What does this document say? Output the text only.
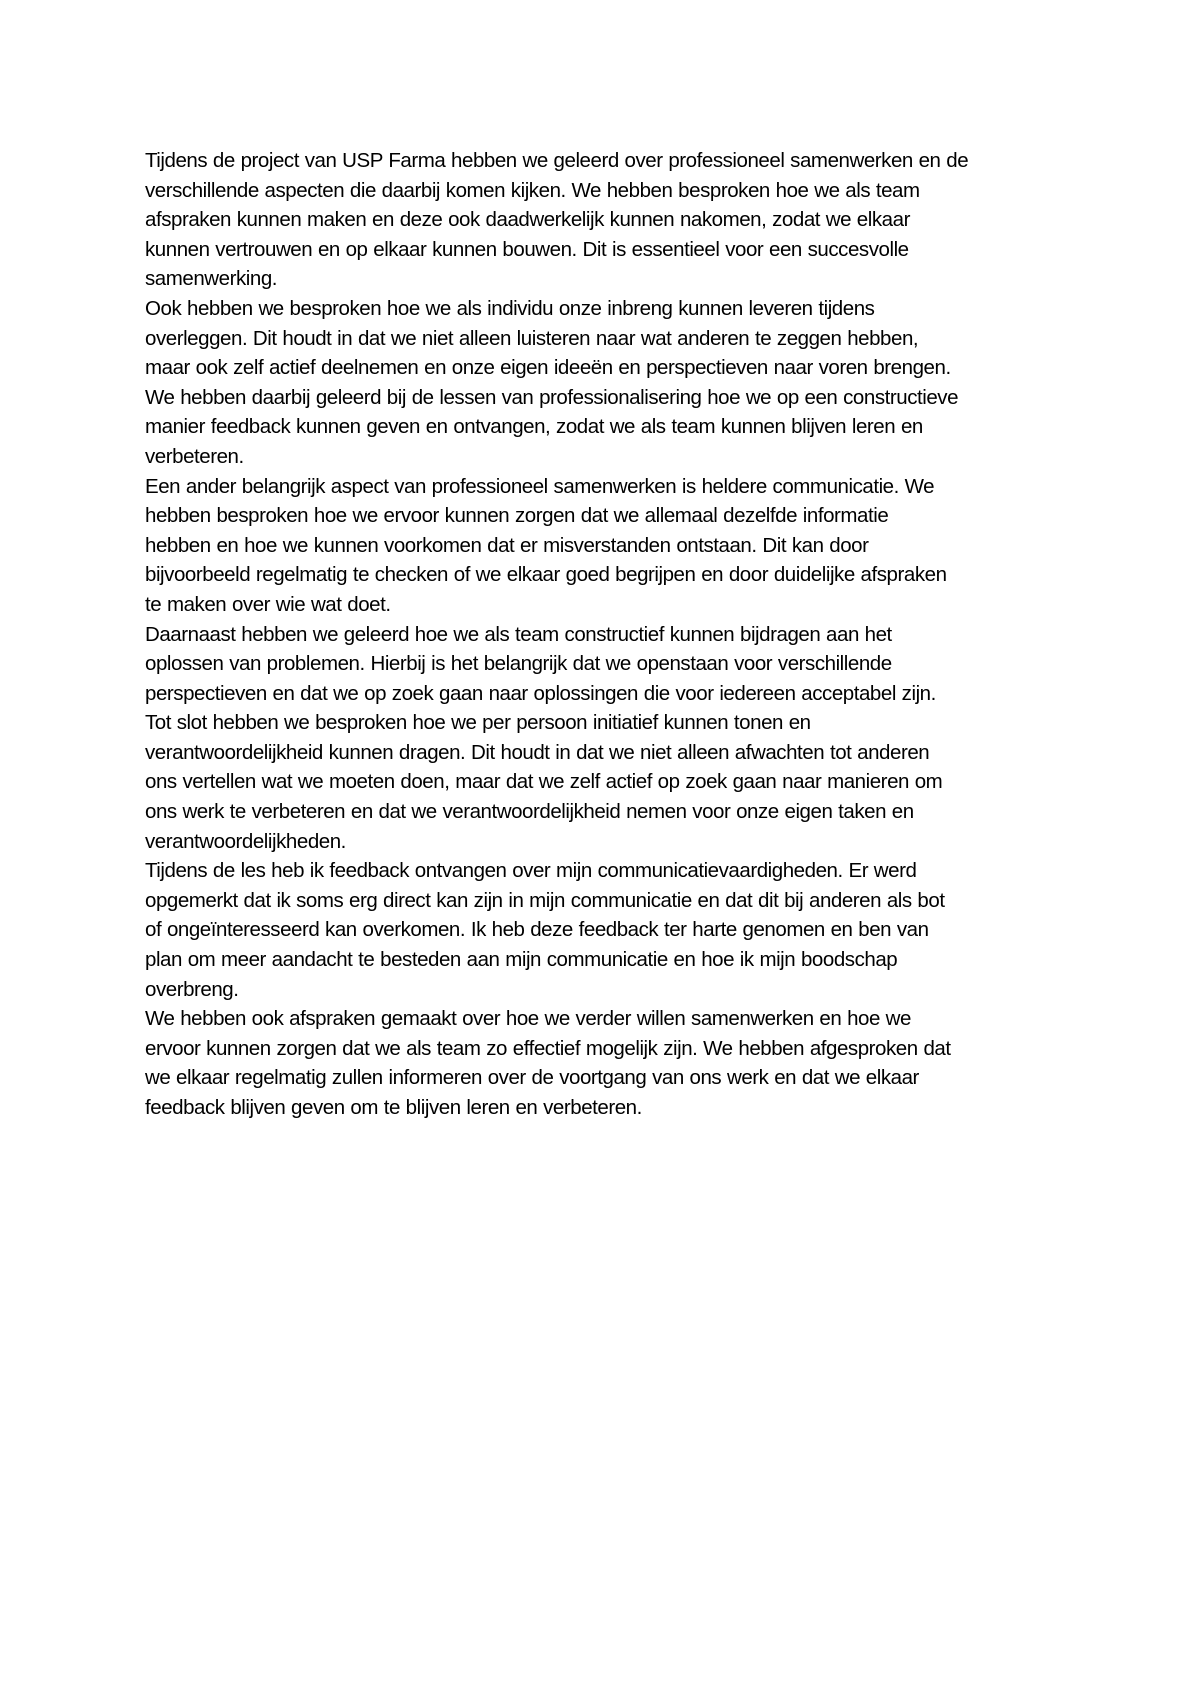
Tijdens de project van USP Farma hebben we geleerd over professioneel samenwerken en de
verschillende aspecten die daarbij komen kijken. We hebben besproken hoe we als team
afspraken kunnen maken en deze ook daadwerkelijk kunnen nakomen, zodat we elkaar
kunnen vertrouwen en op elkaar kunnen bouwen. Dit is essentieel voor een succesvolle
samenwerking.
Ook hebben we besproken hoe we als individu onze inbreng kunnen leveren tijdens
overleggen. Dit houdt in dat we niet alleen luisteren naar wat anderen te zeggen hebben,
maar ook zelf actief deelnemen en onze eigen ideeën en perspectieven naar voren brengen.
We hebben daarbij geleerd bij de lessen van professionalisering hoe we op een constructieve
manier feedback kunnen geven en ontvangen, zodat we als team kunnen blijven leren en
verbeteren.
Een ander belangrijk aspect van professioneel samenwerken is heldere communicatie. We
hebben besproken hoe we ervoor kunnen zorgen dat we allemaal dezelfde informatie
hebben en hoe we kunnen voorkomen dat er misverstanden ontstaan. Dit kan door
bijvoorbeeld regelmatig te checken of we elkaar goed begrijpen en door duidelijke afspraken
te maken over wie wat doet.
Daarnaast hebben we geleerd hoe we als team constructief kunnen bijdragen aan het
oplossen van problemen. Hierbij is het belangrijk dat we openstaan voor verschillende
perspectieven en dat we op zoek gaan naar oplossingen die voor iedereen acceptabel zijn.
Tot slot hebben we besproken hoe we per persoon initiatief kunnen tonen en
verantwoordelijkheid kunnen dragen. Dit houdt in dat we niet alleen afwachten tot anderen
ons vertellen wat we moeten doen, maar dat we zelf actief op zoek gaan naar manieren om
ons werk te verbeteren en dat we verantwoordelijkheid nemen voor onze eigen taken en
verantwoordelijkheden.
Tijdens de les heb ik feedback ontvangen over mijn communicatievaardigheden. Er werd
opgemerkt dat ik soms erg direct kan zijn in mijn communicatie en dat dit bij anderen als bot
of ongeïnteresseerd kan overkomen. Ik heb deze feedback ter harte genomen en ben van
plan om meer aandacht te besteden aan mijn communicatie en hoe ik mijn boodschap
overbreng.
We hebben ook afspraken gemaakt over hoe we verder willen samenwerken en hoe we
ervoor kunnen zorgen dat we als team zo effectief mogelijk zijn. We hebben afgesproken dat
we elkaar regelmatig zullen informeren over de voortgang van ons werk en dat we elkaar
feedback blijven geven om te blijven leren en verbeteren.
